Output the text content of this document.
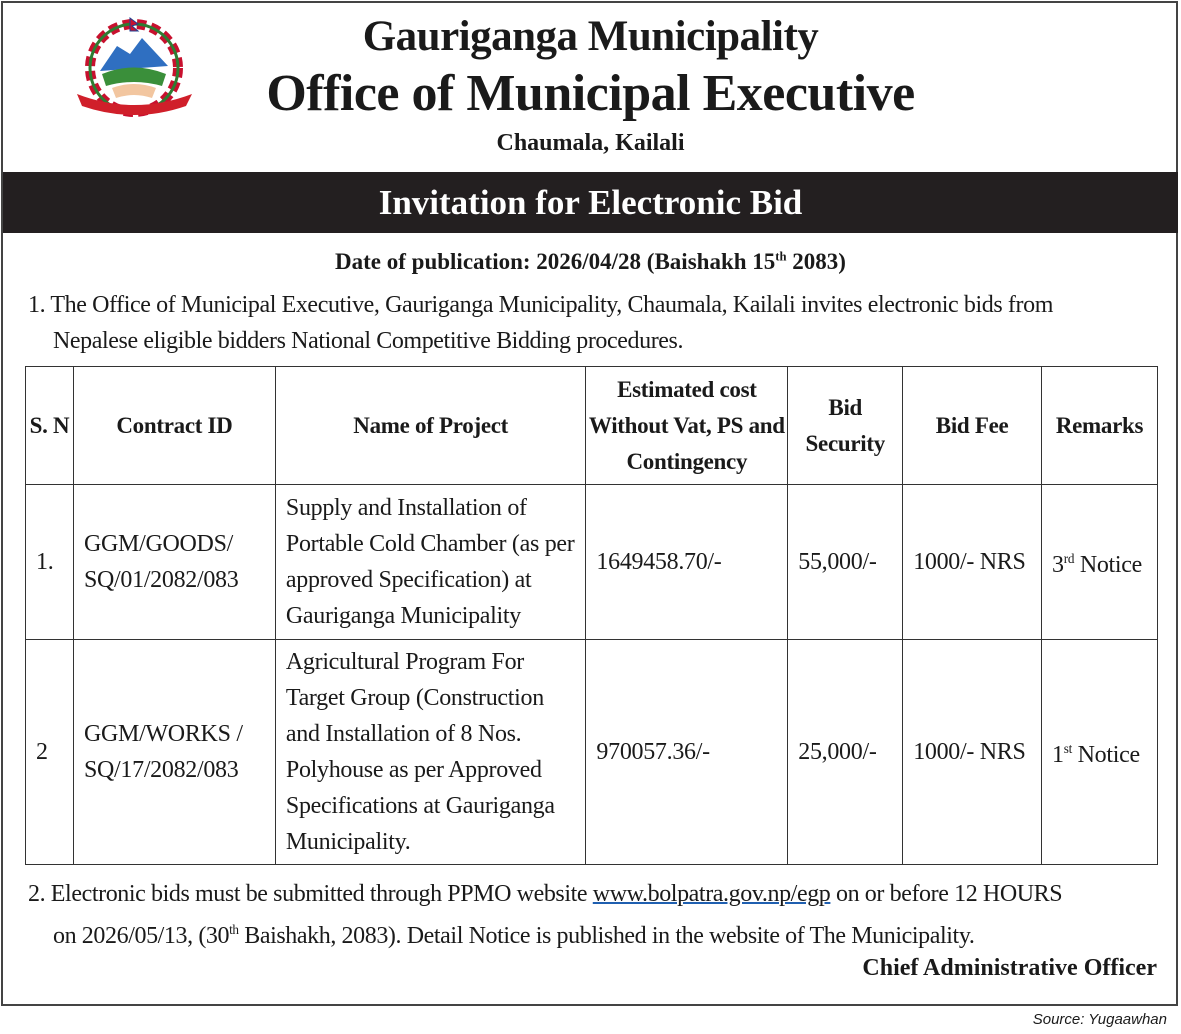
Gauriganga Municipality
Office of Municipal Executive
Chaumala, Kailali
Invitation for Electronic Bid
Date of publication: 2026/04/28 (Baishakh 15th 2083)
1. The Office of Municipal Executive, Gauriganga Municipality, Chaumala, Kailali invites electronic bids from
Nepalese eligible bidders National Competitive Bidding procedures.
S. N	Contract ID	Name of Project	Estimated cost Without Vat, PS and Contingency	Bid Security	Bid Fee	Remarks
1.	GGM/GOODS/ SQ/01/2082/083	Supply and Installation of Portable Cold Chamber (as per approved Specification) at Gauriganga Municipality	1649458.70/-	55,000/-	1000/- NRS	3rd Notice
2	GGM/WORKS / SQ/17/2082/083	Agricultural Program For Target Group (Construction and Installation of 8 Nos. Polyhouse as per Approved Specifications at Gauriganga Municipality.	970057.36/-	25,000/-	1000/- NRS	1st Notice
2. Electronic bids must be submitted through PPMO website www.bolpatra.gov.np/egp on or before 12 HOURS
on 2026/05/13, (30th Baishakh, 2083). Detail Notice is published in the website of The Municipality.
Chief Administrative Officer
Source: Yugaawhan
